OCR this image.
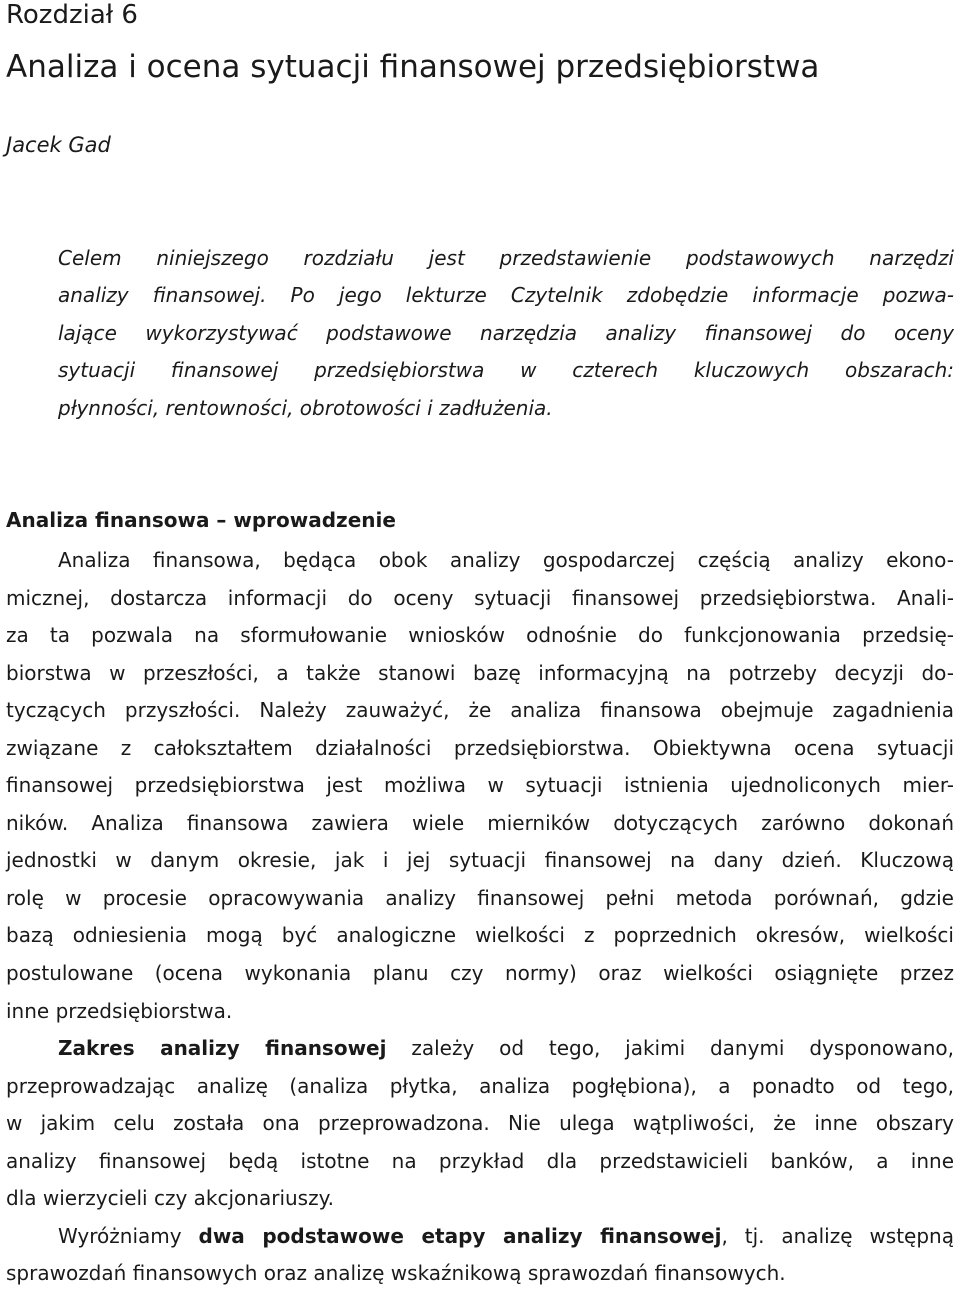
Rozdział 6
Analiza i ocena sytuacji finansowej przedsiębiorstwa

Jacek Gad

Celem niniejszego rozdziału jest przedstawienie podstawowych narzędzi
analizy finansowej. Po jego lekturze Czytelnik zdobędzie informacje pozwa-
lające wykorzystywać podstawowe narzędzia analizy finansowej do oceny
sytuacji finansowej przedsiębiorstwa w czterech kluczowych obszarach:
płynności, rentowności, obrotowości i zadłużenia.
Analiza finansowa – wprowadzenie
Analiza finansowa, będąca obok analizy gospodarczej częścią analizy ekono-
micznej, dostarcza informacji do oceny sytuacji finansowej przedsiębiorstwa. Anali-
za ta pozwala na sformułowanie wniosków odnośnie do funkcjonowania przedsię-
biorstwa w przeszłości, a także stanowi bazę informacyjną na potrzeby decyzji do-
tyczących przyszłości. Należy zauważyć, że analiza finansowa obejmuje zagadnienia
związane z całokształtem działalności przedsiębiorstwa. Obiektywna ocena sytuacji
finansowej przedsiębiorstwa jest możliwa w sytuacji istnienia ujednoliconych mier-
ników. Analiza finansowa zawiera wiele mierników dotyczących zarówno dokonań
jednostki w danym okresie, jak i jej sytuacji finansowej na dany dzień. Kluczową
rolę w procesie opracowywania analizy finansowej pełni metoda porównań, gdzie
bazą odniesienia mogą być analogiczne wielkości z poprzednich okresów, wielkości
postulowane (ocena wykonania planu czy normy) oraz wielkości osiągnięte przez
inne przedsiębiorstwa.
Zakres analizy finansowej zależy od tego, jakimi danymi dysponowano,
przeprowadzając analizę (analiza płytka, analiza pogłębiona), a ponadto od tego,
w jakim celu została ona przeprowadzona. Nie ulega wątpliwości, że inne obszary
analizy finansowej będą istotne na przykład dla przedstawicieli banków, a inne
dla wierzycieli czy akcjonariuszy.
Wyróżniamy dwa podstawowe etapy analizy finansowej, tj. analizę wstępną
sprawozdań finansowych oraz analizę wskaźnikową sprawozdań finansowych.
